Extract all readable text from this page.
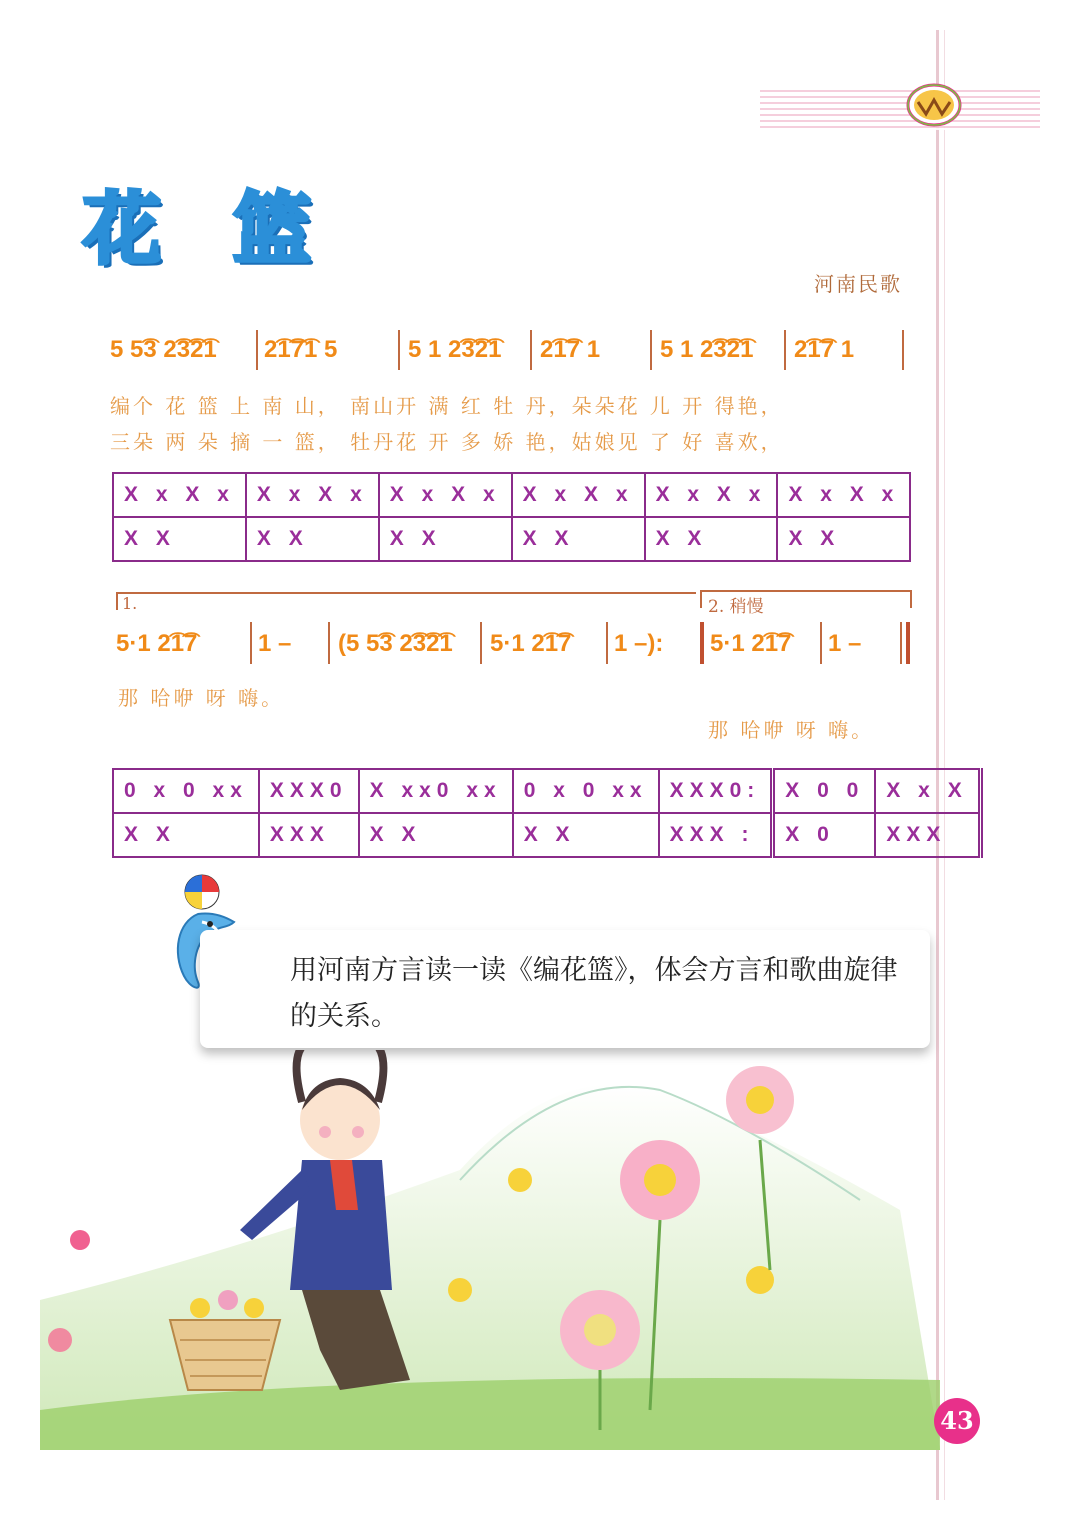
花 篮
河南民歌
5 5͡3 2͡3͡2͡1 2͡1͡7͡1 5	5 1 2͡3͡2͡1 2͡1͡7 1 5 1 2͡3͡2͡1 2͡1͡7 1
编个 花 篮 上 南 山， 南山开 满 红 牡 丹，朵朵花 儿 开 得艳，
三朵 两 朵 摘 一 篮， 牡丹花 开 多 娇 艳，姑娘见 了 好 喜欢，
X x X x	X x X x	X x X x	X x X x	X x X x	X x X x
X X	X X	X X	X X	X X	X X
1.	2. 稍慢
5·1 2͡1͡7	1 – (5 5͡3 2͡3͡2͡1 5·1 2͡1͡7 1 –): 5·1 2͡1͡7 1 –
那 哈咿 呀 嗨。
那 哈咿 呀 嗨。
0 x 0 xx	XXX0	X xx0 xx	0 x 0 xx	XXX0:	X 0 0	X x X
X X	XXX	X X	X X	XXX :	X 0	XXX
用河南方言读一读《编花篮》，体会方言和歌曲旋律的关系。
43
